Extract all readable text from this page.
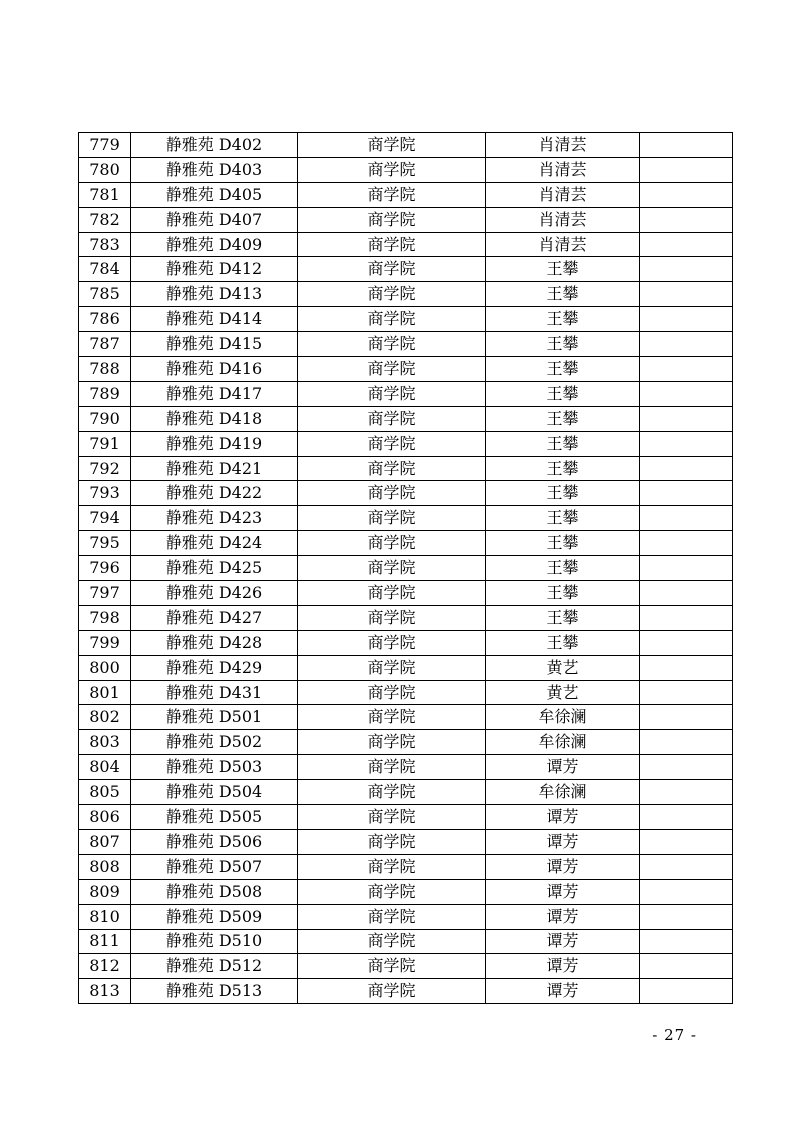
779	静雅苑 D402	商学院	肖清芸	
780	静雅苑 D403	商学院	肖清芸	
781	静雅苑 D405	商学院	肖清芸	
782	静雅苑 D407	商学院	肖清芸	
783	静雅苑 D409	商学院	肖清芸	
784	静雅苑 D412	商学院	王攀	
785	静雅苑 D413	商学院	王攀	
786	静雅苑 D414	商学院	王攀	
787	静雅苑 D415	商学院	王攀	
788	静雅苑 D416	商学院	王攀	
789	静雅苑 D417	商学院	王攀	
790	静雅苑 D418	商学院	王攀	
791	静雅苑 D419	商学院	王攀	
792	静雅苑 D421	商学院	王攀	
793	静雅苑 D422	商学院	王攀	
794	静雅苑 D423	商学院	王攀	
795	静雅苑 D424	商学院	王攀	
796	静雅苑 D425	商学院	王攀	
797	静雅苑 D426	商学院	王攀	
798	静雅苑 D427	商学院	王攀	
799	静雅苑 D428	商学院	王攀	
800	静雅苑 D429	商学院	黄艺	
801	静雅苑 D431	商学院	黄艺	
802	静雅苑 D501	商学院	牟徐澜	
803	静雅苑 D502	商学院	牟徐澜	
804	静雅苑 D503	商学院	谭芳	
805	静雅苑 D504	商学院	牟徐澜	
806	静雅苑 D505	商学院	谭芳	
807	静雅苑 D506	商学院	谭芳	
808	静雅苑 D507	商学院	谭芳	
809	静雅苑 D508	商学院	谭芳	
810	静雅苑 D509	商学院	谭芳	
811	静雅苑 D510	商学院	谭芳	
812	静雅苑 D512	商学院	谭芳	
813	静雅苑 D513	商学院	谭芳	
- 27 -
